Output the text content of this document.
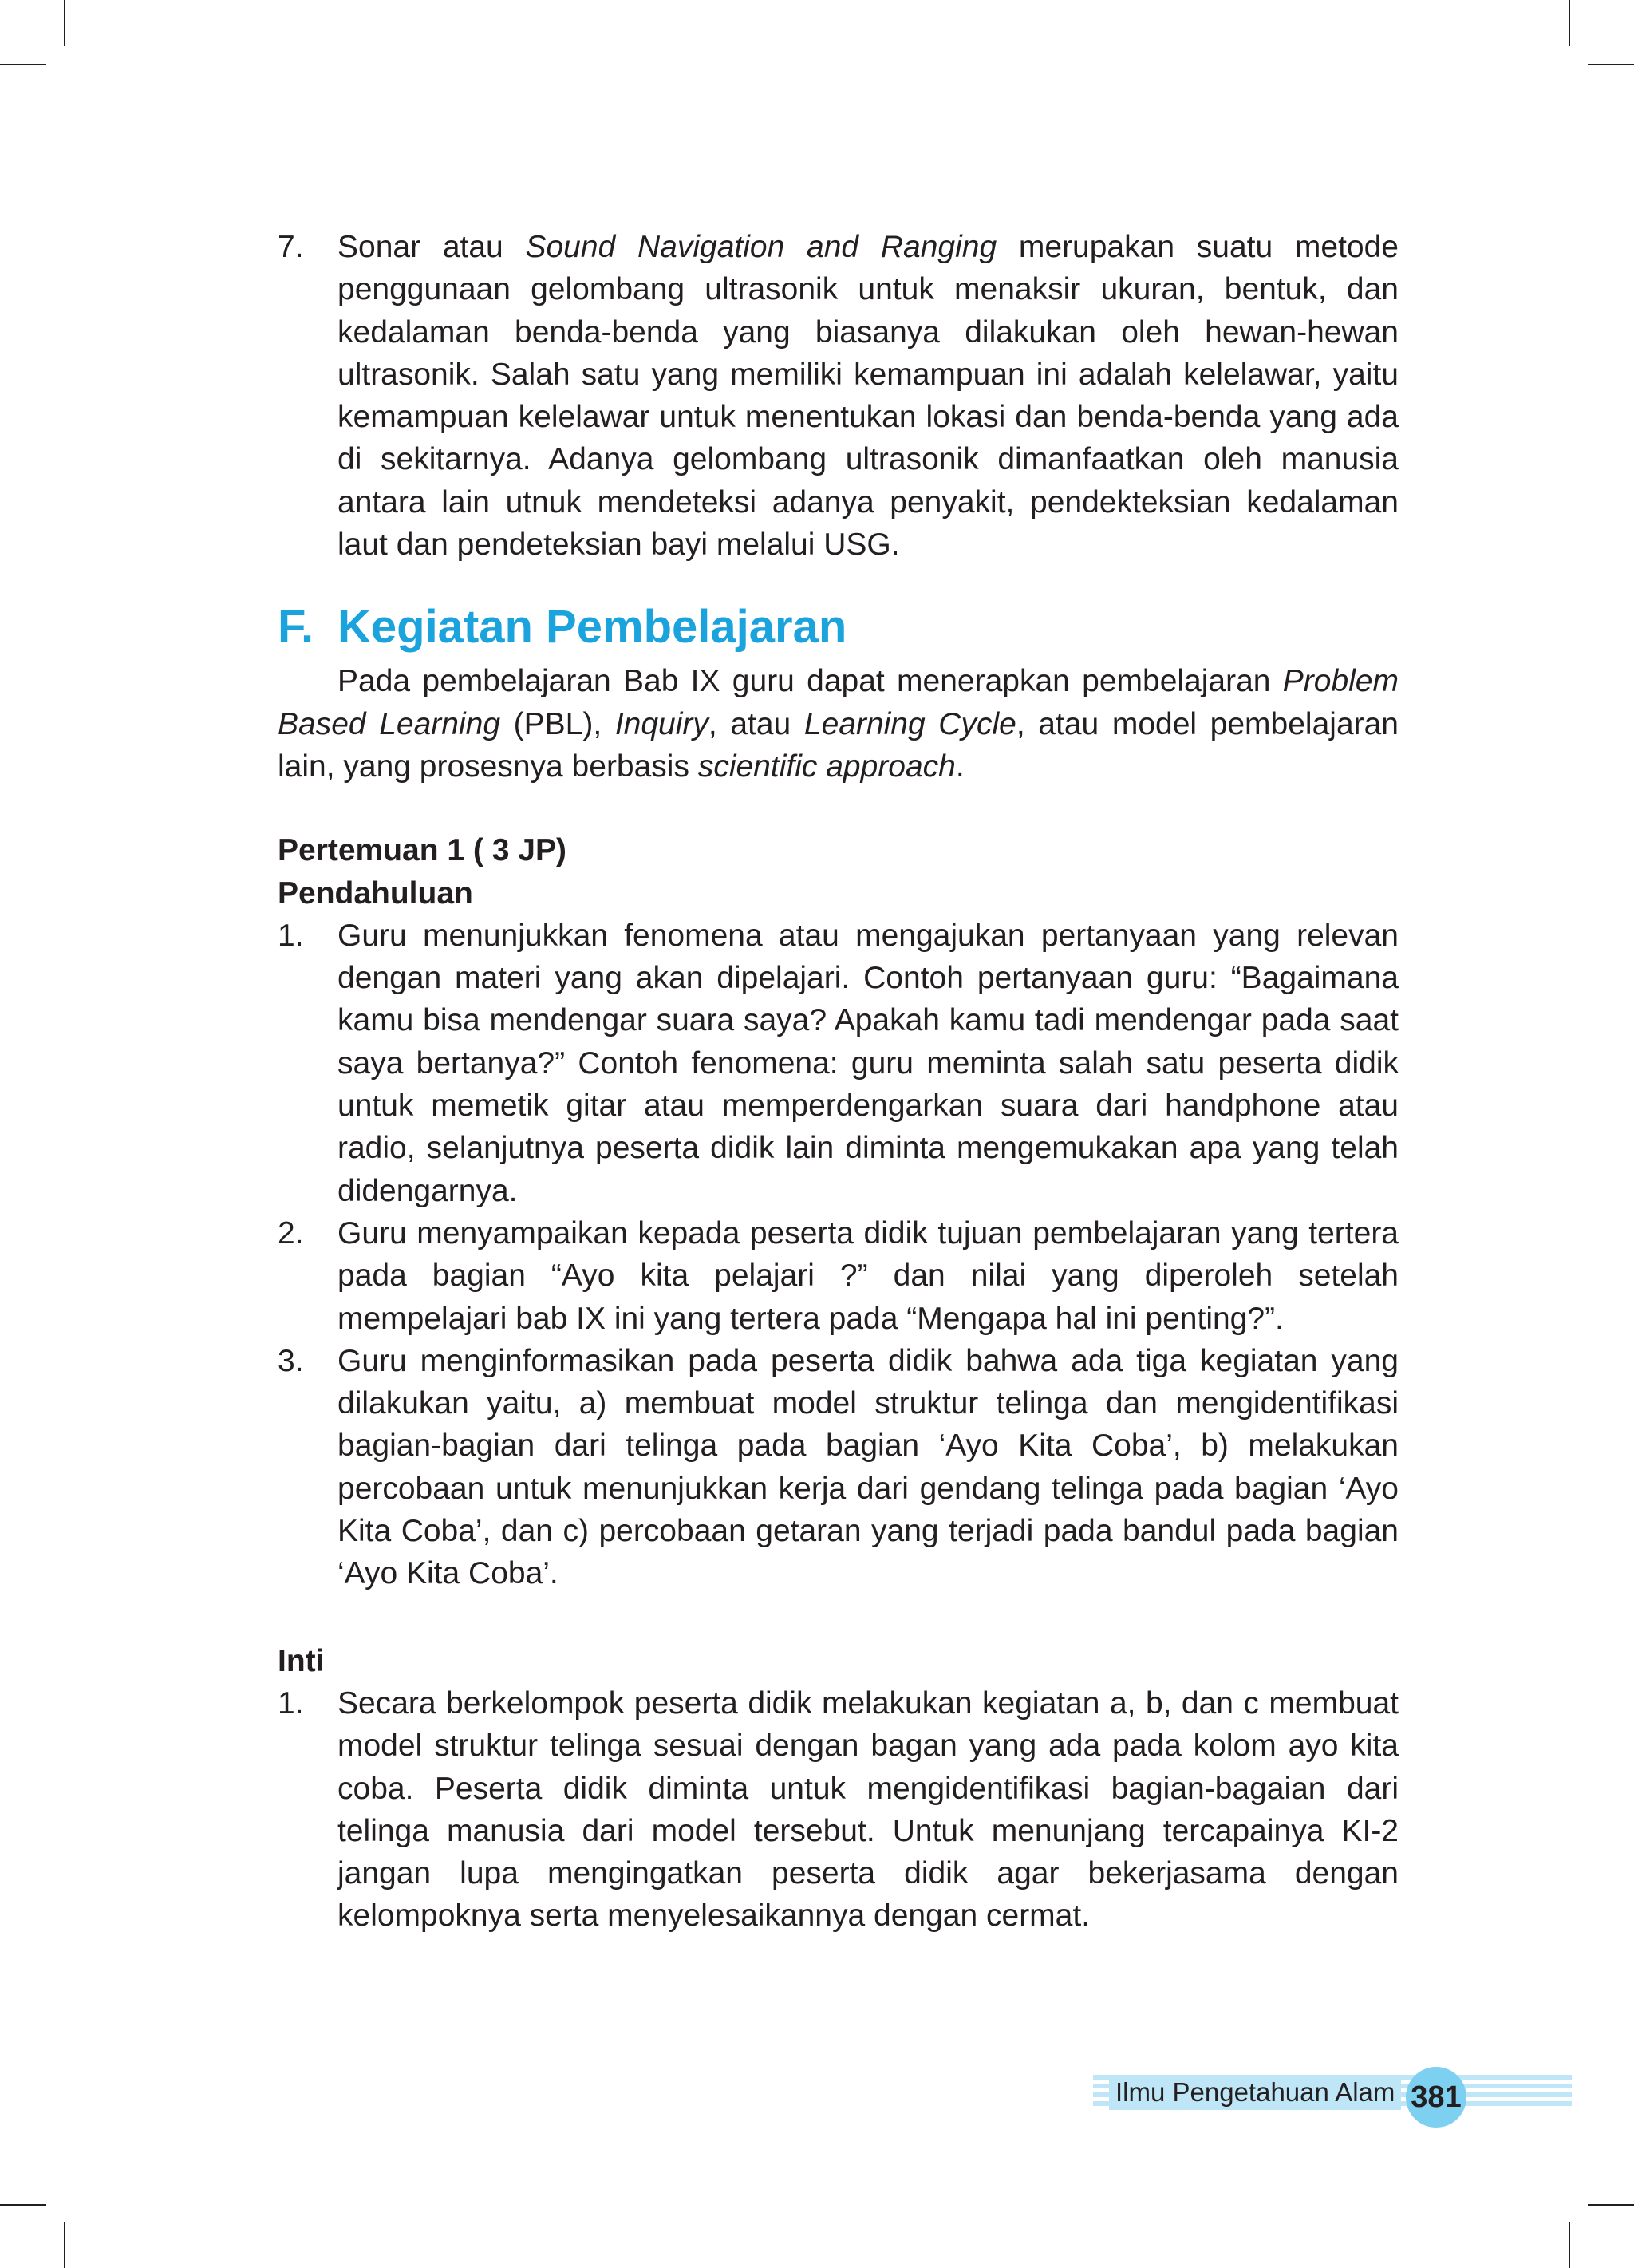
7. Sonar atau Sound Navigation and Ranging merupakan suatu metode penggunaan gelombang ultrasonik untuk menaksir ukuran, bentuk, dan kedalaman benda-benda yang biasanya dilakukan oleh hewan-hewan ultrasonik. Salah satu yang memiliki kemampuan ini adalah kelelawar, yaitu kemampuan kelelawar untuk menentukan lokasi dan benda-benda yang ada di sekitarnya. Adanya gelombang ultrasonik dimanfaatkan oleh manusia antara lain utnuk mendeteksi adanya penyakit, pendekteksian kedalaman laut dan pendeteksian bayi melalui USG.
F. Kegiatan Pembelajaran
Pada pembelajaran Bab IX guru dapat menerapkan pembelajaran Problem Based Learning (PBL), Inquiry, atau Learning Cycle, atau model pembelajaran lain, yang prosesnya berbasis scientific approach.
Pertemuan 1 ( 3 JP)
Pendahuluan
1. Guru menunjukkan fenomena atau mengajukan pertanyaan yang relevan dengan materi yang akan dipelajari. Contoh pertanyaan guru: “Bagaimana kamu bisa mendengar suara saya? Apakah kamu tadi mendengar pada saat saya bertanya?” Contoh fenomena: guru meminta salah satu peserta didik untuk memetik gitar atau memperdengarkan suara dari handphone atau radio, selanjutnya peserta didik lain diminta mengemukakan apa yang telah didengarnya.
2. Guru menyampaikan kepada peserta didik tujuan pembelajaran yang tertera pada bagian “Ayo kita pelajari ?” dan nilai yang diperoleh setelah mempelajari bab IX ini yang tertera pada “Mengapa hal ini penting?”.
3. Guru menginformasikan pada peserta didik bahwa ada tiga kegiatan yang dilakukan yaitu, a) membuat model struktur telinga dan mengidentifikasi bagian-bagian dari telinga pada bagian ‘Ayo Kita Coba’, b) melakukan percobaan untuk menunjukkan kerja dari gendang telinga pada bagian ‘Ayo Kita Coba’, dan c) percobaan getaran yang terjadi pada bandul pada bagian ‘Ayo Kita Coba’.
Inti
1. Secara berkelompok peserta didik melakukan kegiatan a, b, dan c membuat model struktur telinga sesuai dengan bagan yang ada pada kolom ayo kita coba. Peserta didik diminta untuk mengidentifikasi bagian-bagaian dari telinga manusia dari model tersebut. Untuk menunjang tercapainya KI-2 jangan lupa mengingatkan peserta didik agar bekerjasama dengan kelompoknya serta menyelesaikannya dengan cermat.
Ilmu Pengetahuan Alam 381
